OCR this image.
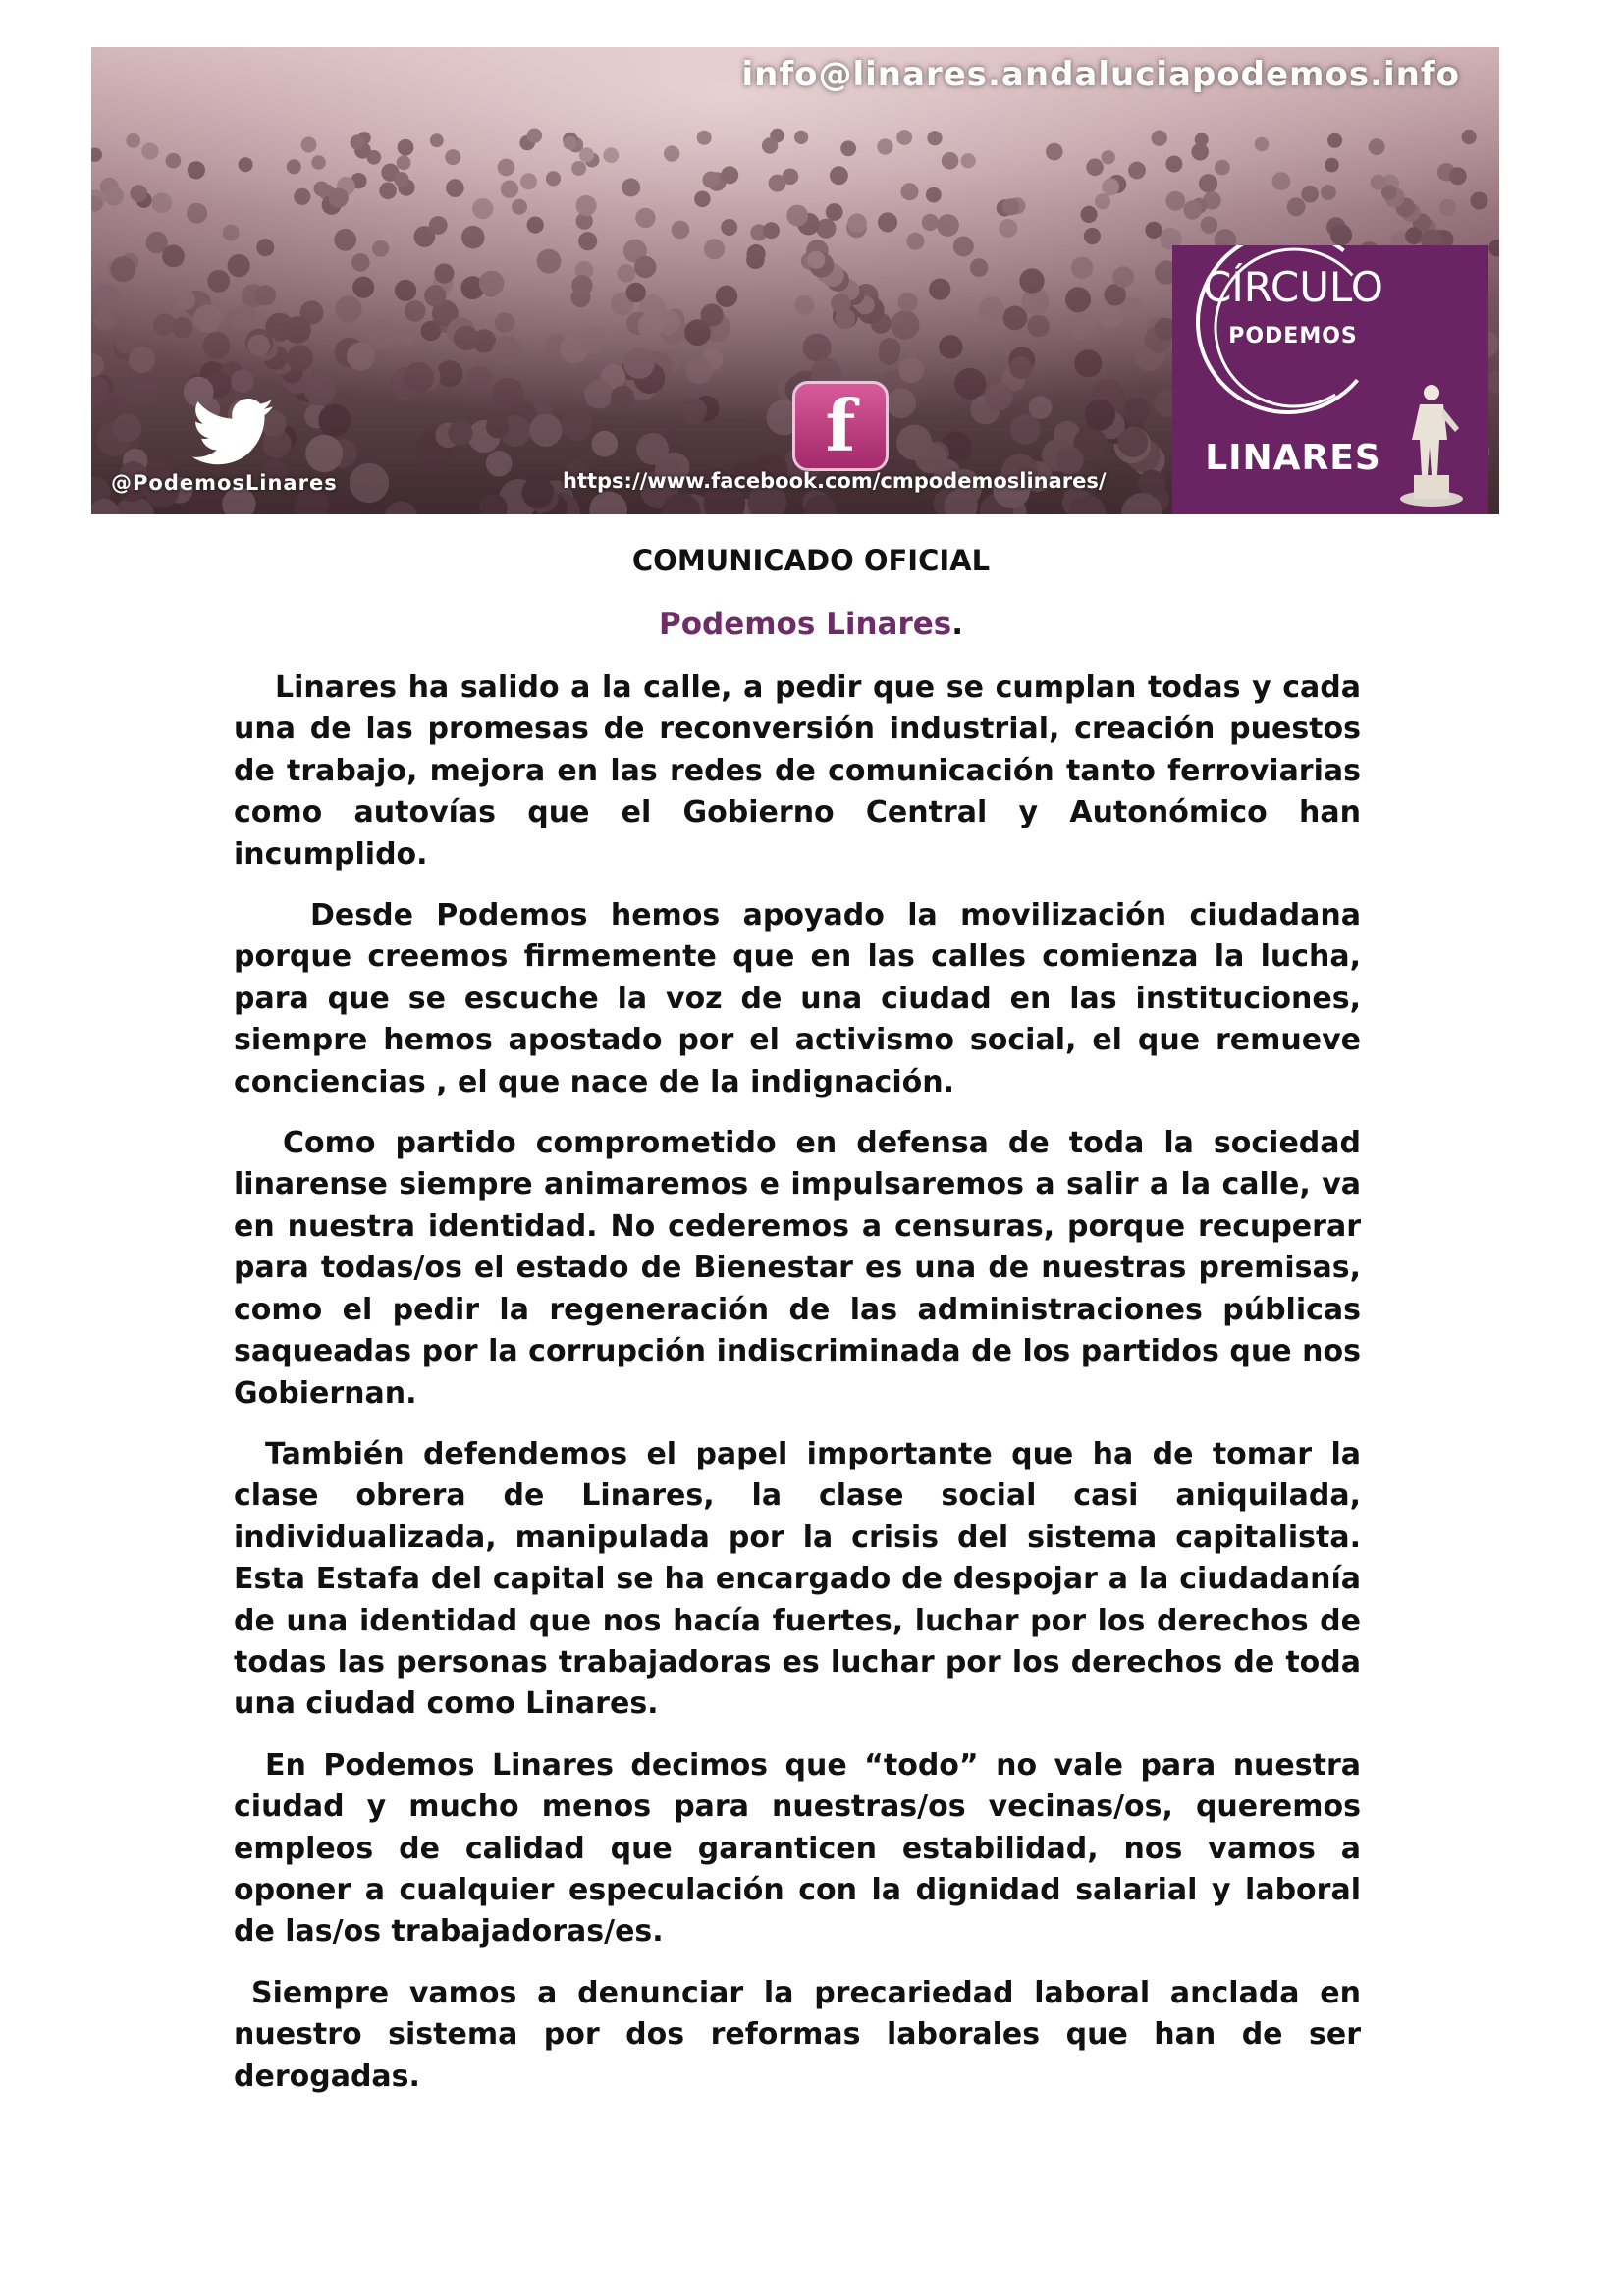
info@linares.andaluciapodemos.info
@PodemosLinares
f
https://www.facebook.com/cmpodemoslinares/
CÍRCULO
PODEMOS
LINARES
COMUNICADO OFICIAL
Podemos Linares.

Linares ha salido a la calle, a pedir que se cumplan todas y cada una de las promesas de reconversión industrial, creación puestos de trabajo, mejora en las redes de comunicación tanto ferroviarias como autovías que el Gobierno Central y Autonómico han incumplido.

Desde Podemos hemos apoyado la movilización ciudadana porque creemos firmemente que en las calles comienza la lucha, para que se escuche la voz de una ciudad en las instituciones, siempre hemos apostado por el activismo social, el que remueve conciencias , el que nace de la indignación.

Como partido comprometido en defensa de toda la sociedad linarense siempre animaremos e impulsaremos a salir a la calle, va en nuestra identidad. No cederemos a censuras, porque recuperar para todas/os el estado de Bienestar es una de nuestras premisas, como el pedir la regeneración de las administraciones públicas saqueadas por la corrupción indiscriminada de los partidos que nos Gobiernan.

También defendemos el papel importante que ha de tomar la clase obrera de Linares, la clase social casi aniquilada, individualizada, manipulada por la crisis del sistema capitalista. Esta Estafa del capital se ha encargado de despojar a la ciudadanía de una identidad que nos hacía fuertes, luchar por los derechos de todas las personas trabajadoras es luchar por los derechos de toda una ciudad como Linares.

En Podemos Linares decimos que “todo” no vale para nuestra ciudad y mucho menos para nuestras/os vecinas/os, queremos empleos de calidad que garanticen estabilidad, nos vamos a oponer a cualquier especulación con la dignidad salarial y laboral de las/os trabajadoras/es.

Siempre vamos a denunciar la precariedad laboral anclada en nuestro sistema por dos reformas laborales que han de ser derogadas.
